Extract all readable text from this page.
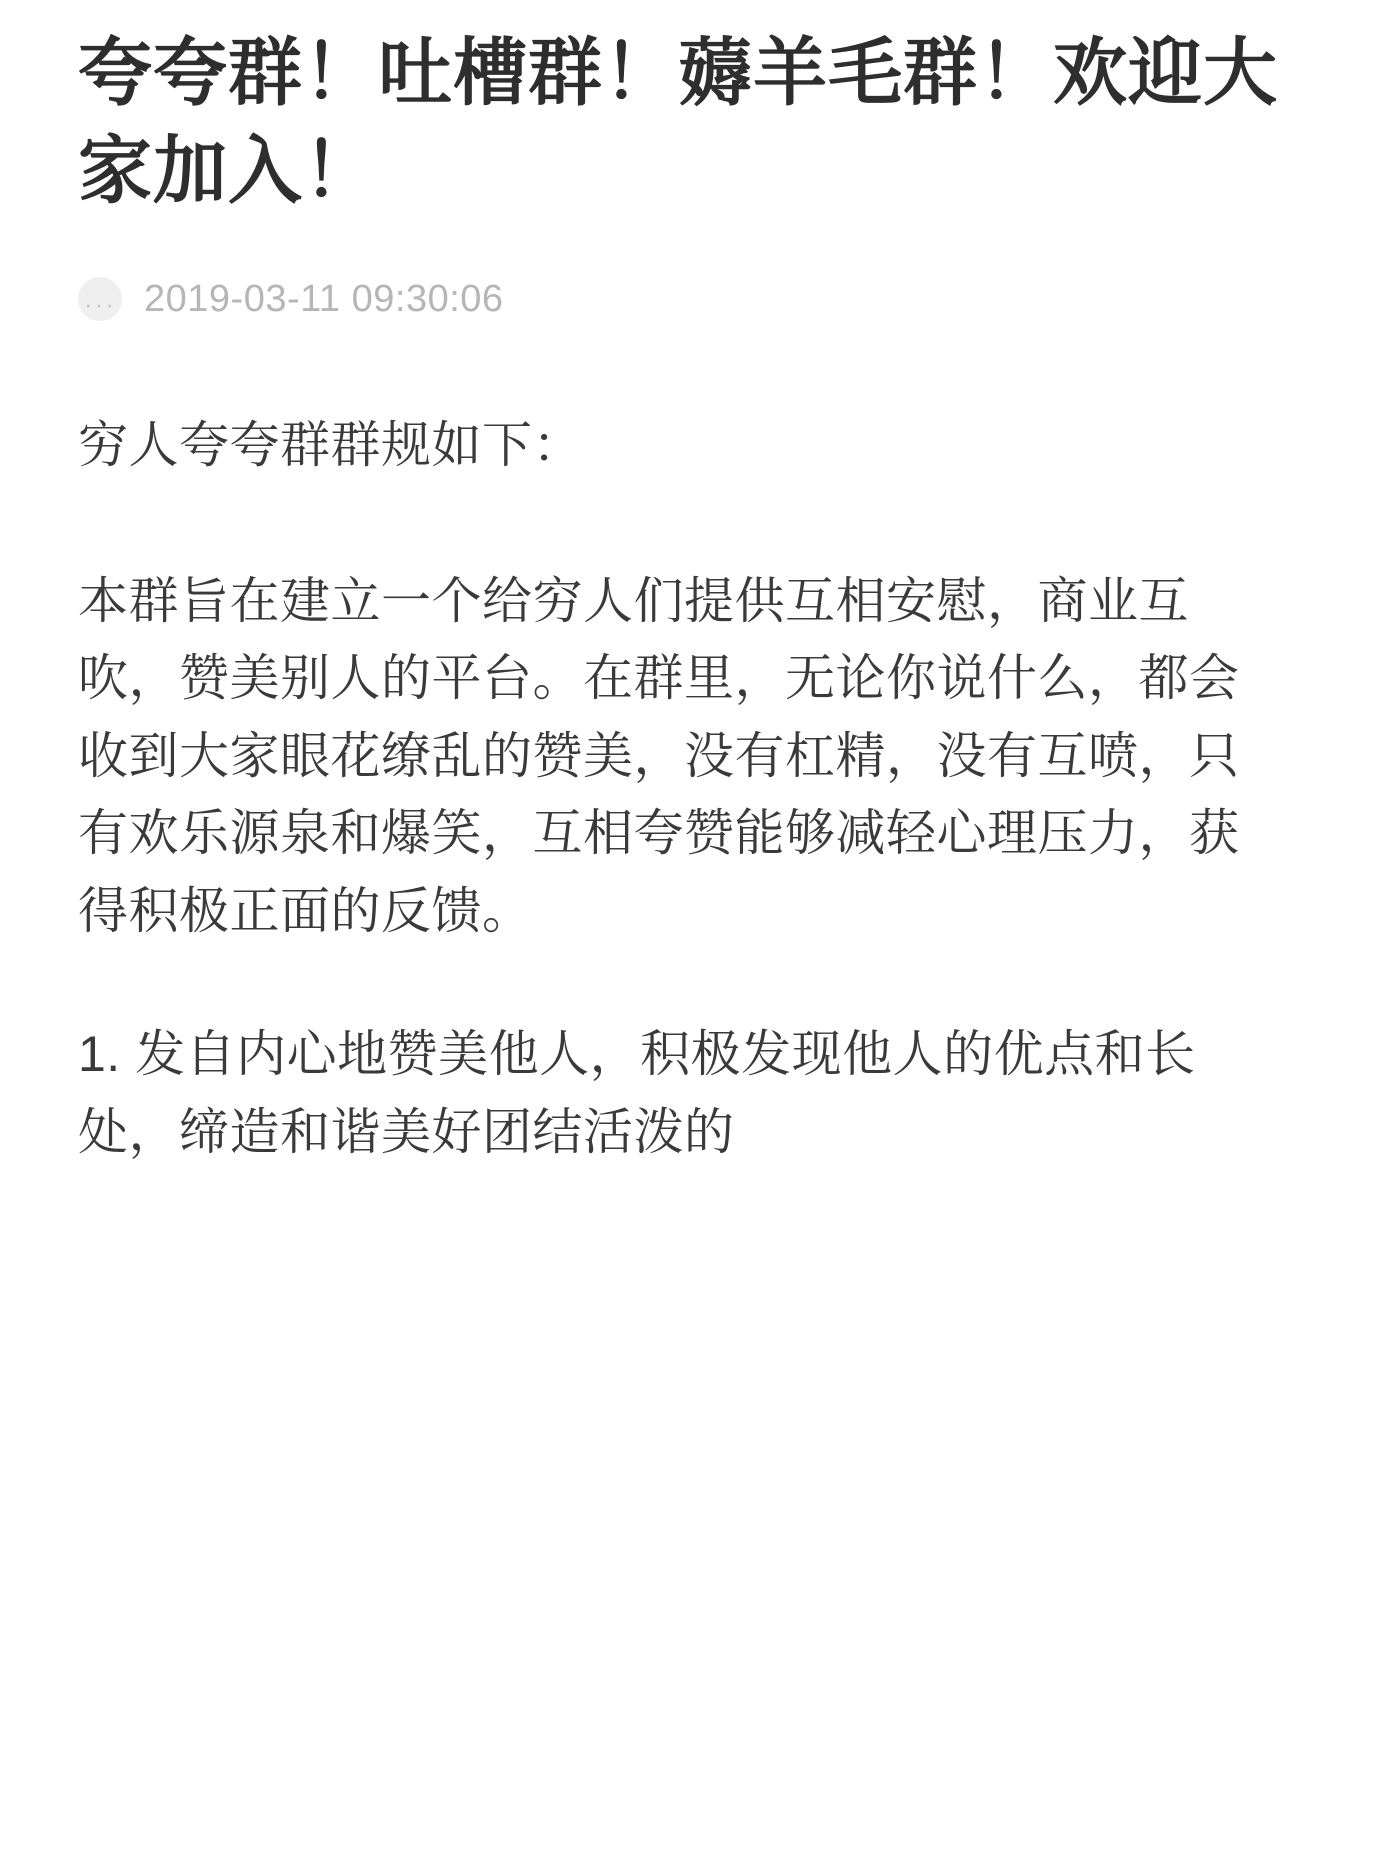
夸夸群！吐槽群！薅羊毛群！欢迎大家加入！
··· 2019-03-11 09:30:06

穷人夸夸群群规如下：

本群旨在建立一个给穷人们提供互相安慰，商业互吹，赞美别人的平台。在群里，无论你说什么，都会收到大家眼花缭乱的赞美，没有杠精，没有互喷，只有欢乐源泉和爆笑，互相夸赞能够减轻心理压力，获得积极正面的反馈。

1. 发自内心地赞美他人，积极发现他人的优点和长处，缔造和谐美好团结活泼的
